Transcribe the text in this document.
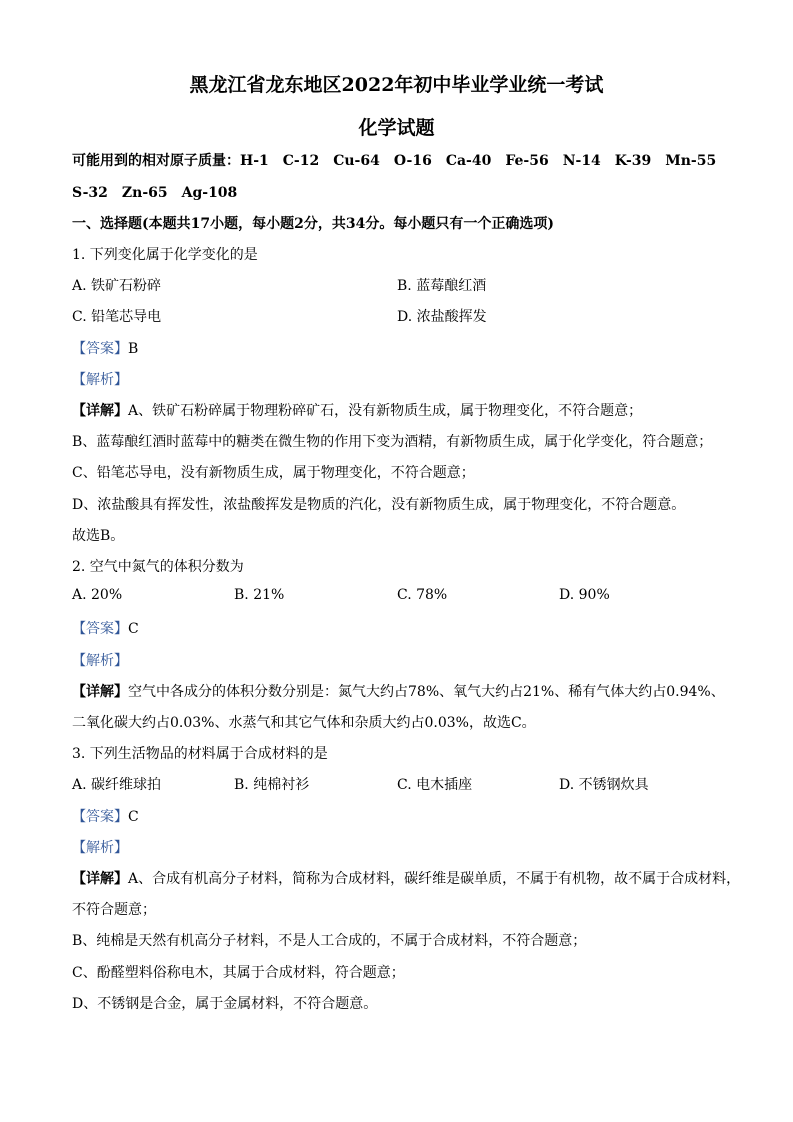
黑龙江省龙东地区2022年初中毕业学业统一考试
化学试题
可能用到的相对原子质量：H-1　C-12　Cu-64　O-16　Ca-40　Fe-56　N-14　K-39　Mn-55
S-32　Zn-65　Ag-108
一、选择题(本题共17小题，每小题2分，共34分。每小题只有一个正确选项)
1. 下列变化属于化学变化的是
A. 铁矿石粉碎	B. 蓝莓酿红酒
C. 铅笔芯导电	D. 浓盐酸挥发
【答案】B
【解析】
【详解】A、铁矿石粉碎属于物理粉碎矿石，没有新物质生成，属于物理变化，不符合题意；
B、蓝莓酿红酒时蓝莓中的糖类在微生物的作用下变为酒精，有新物质生成，属于化学变化，符合题意；
C、铅笔芯导电，没有新物质生成，属于物理变化，不符合题意；
D、浓盐酸具有挥发性，浓盐酸挥发是物质的汽化，没有新物质生成，属于物理变化，不符合题意。
故选B。
2. 空气中氮气的体积分数为
A. 20%	B. 21%	C. 78%	D. 90%
【答案】C
【解析】
【详解】空气中各成分的体积分数分别是：氮气大约占78%、氧气大约占21%、稀有气体大约占0.94%、
二氧化碳大约占0.03%、水蒸气和其它气体和杂质大约占0.03%，故选C。
3. 下列生活物品的材料属于合成材料的是
A. 碳纤维球拍	B. 纯棉衬衫	C. 电木插座	D. 不锈钢炊具
【答案】C
【解析】
【详解】A、合成有机高分子材料，简称为合成材料，碳纤维是碳单质，不属于有机物，故不属于合成材料，
不符合题意；
B、纯棉是天然有机高分子材料，不是人工合成的，不属于合成材料，不符合题意；
C、酚醛塑料俗称电木，其属于合成材料，符合题意；
D、不锈钢是合金，属于金属材料，不符合题意。
